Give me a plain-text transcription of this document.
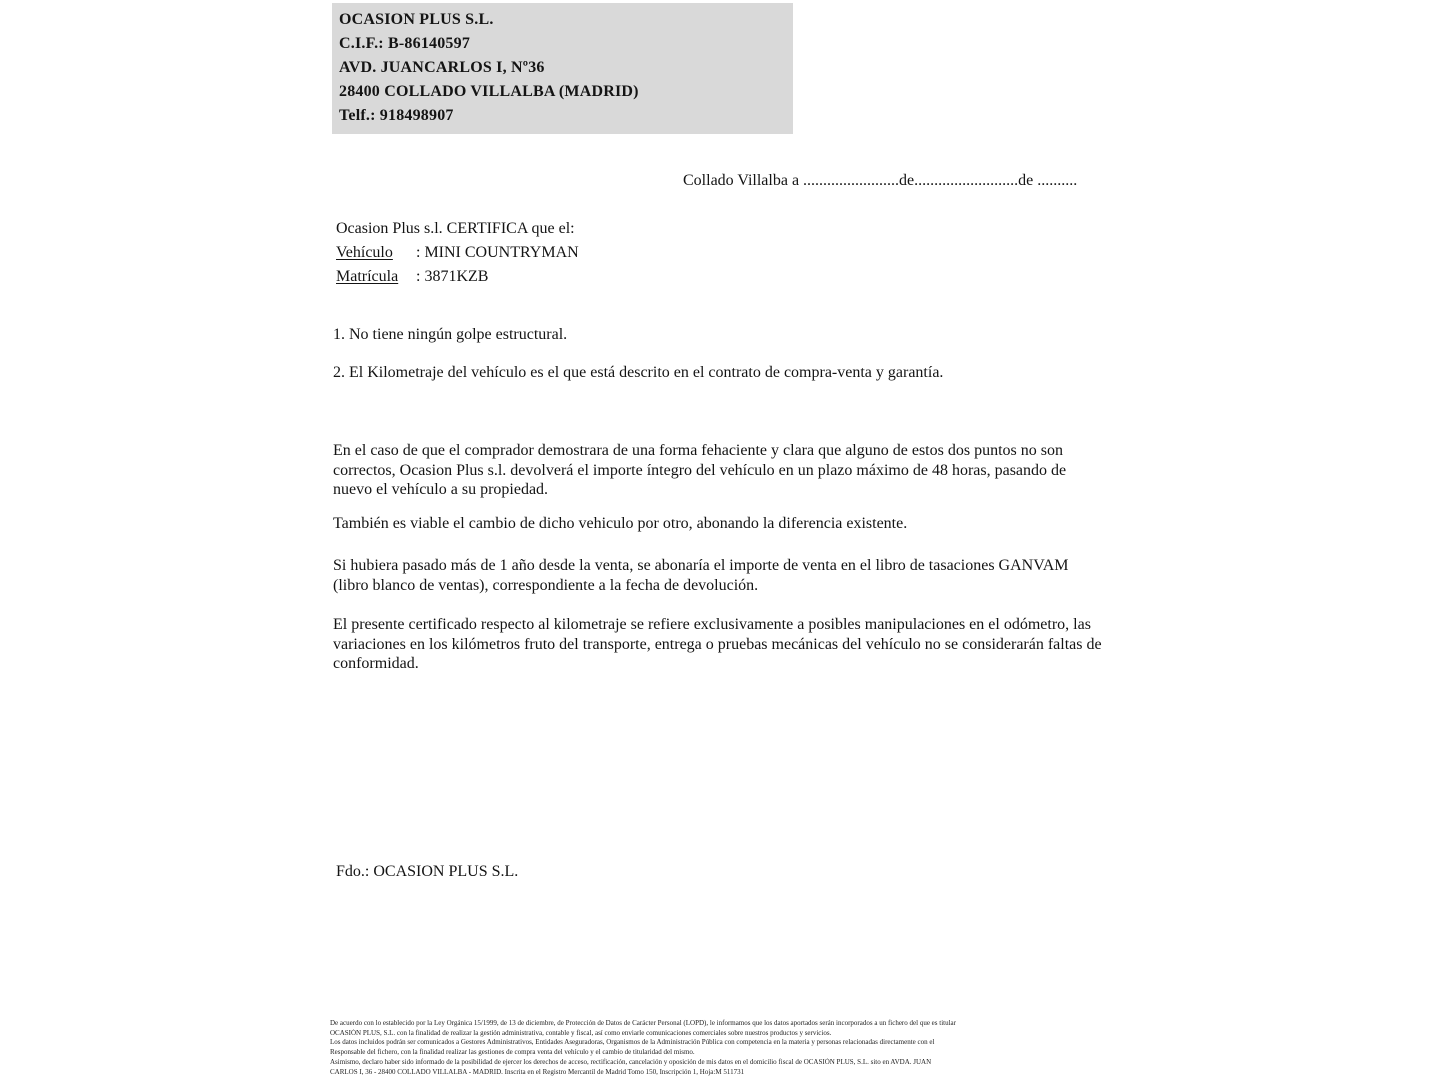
OCASION PLUS S.L.
C.I.F.: B-86140597
AVD. JUANCARLOS I, Nº36
28400 COLLADO VILLALBA (MADRID)
Telf.: 918498907
Collado Villalba a ........................de..........................de ..........
Ocasion Plus s.l. CERTIFICA que el:
Vehículo : MINI COUNTRYMAN
Matrícula : 3871KZB
1. No tiene ningún golpe estructural.
2. El Kilometraje del vehículo es el que está descrito en el contrato de compra-venta y garantía.
En el caso de que el comprador demostrara de una forma fehaciente y clara que alguno de estos dos puntos no son correctos, Ocasion Plus s.l. devolverá el importe íntegro del vehículo en un plazo máximo de 48 horas, pasando de nuevo el vehículo a su propiedad.
También es viable el cambio de dicho vehiculo por otro, abonando la diferencia existente.
Si hubiera pasado más de 1 año desde la venta, se abonaría el importe de venta en el libro de tasaciones GANVAM (libro blanco de ventas), correspondiente a la fecha de devolución.
El presente certificado respecto al kilometraje se refiere exclusivamente a posibles manipulaciones en el odómetro, las variaciones en los kilómetros fruto del transporte, entrega o pruebas mecánicas del vehículo no se considerarán faltas de conformidad.
Fdo.: OCASION PLUS S.L.
De acuerdo con lo establecido por la Ley Orgánica 15/1999, de 13 de diciembre, de Protección de Datos de Carácter Personal (LOPD), le informamos que los datos aportados serán incorporados a un fichero del que es titular
OCASIÓN PLUS, S.L. con la finalidad de realizar la gestión administrativa, contable y fiscal, así como enviarle comunicaciones comerciales sobre nuestros productos y servicios.
Los datos incluidos podrán ser comunicados a Gestores Administrativos, Entidades Aseguradoras, Organismos de la Administración Pública con competencia en la materia y personas relacionadas directamente con el
Responsable del fichero, con la finalidad realizar las gestiones de compra venta del vehículo y el cambio de titularidad del mismo.
Asimismo, declaro haber sido informado de la posibilidad de ejercer los derechos de acceso, rectificación, cancelación y oposición de mis datos en el domicilio fiscal de OCASIÓN PLUS, S.L. sito en AVDA. JUAN
CARLOS I, 36 - 28400 COLLADO VILLALBA - MADRID. Inscrita en el Registro Mercantil de Madrid Tomo 150, Inscripción 1, Hoja:M 511731
